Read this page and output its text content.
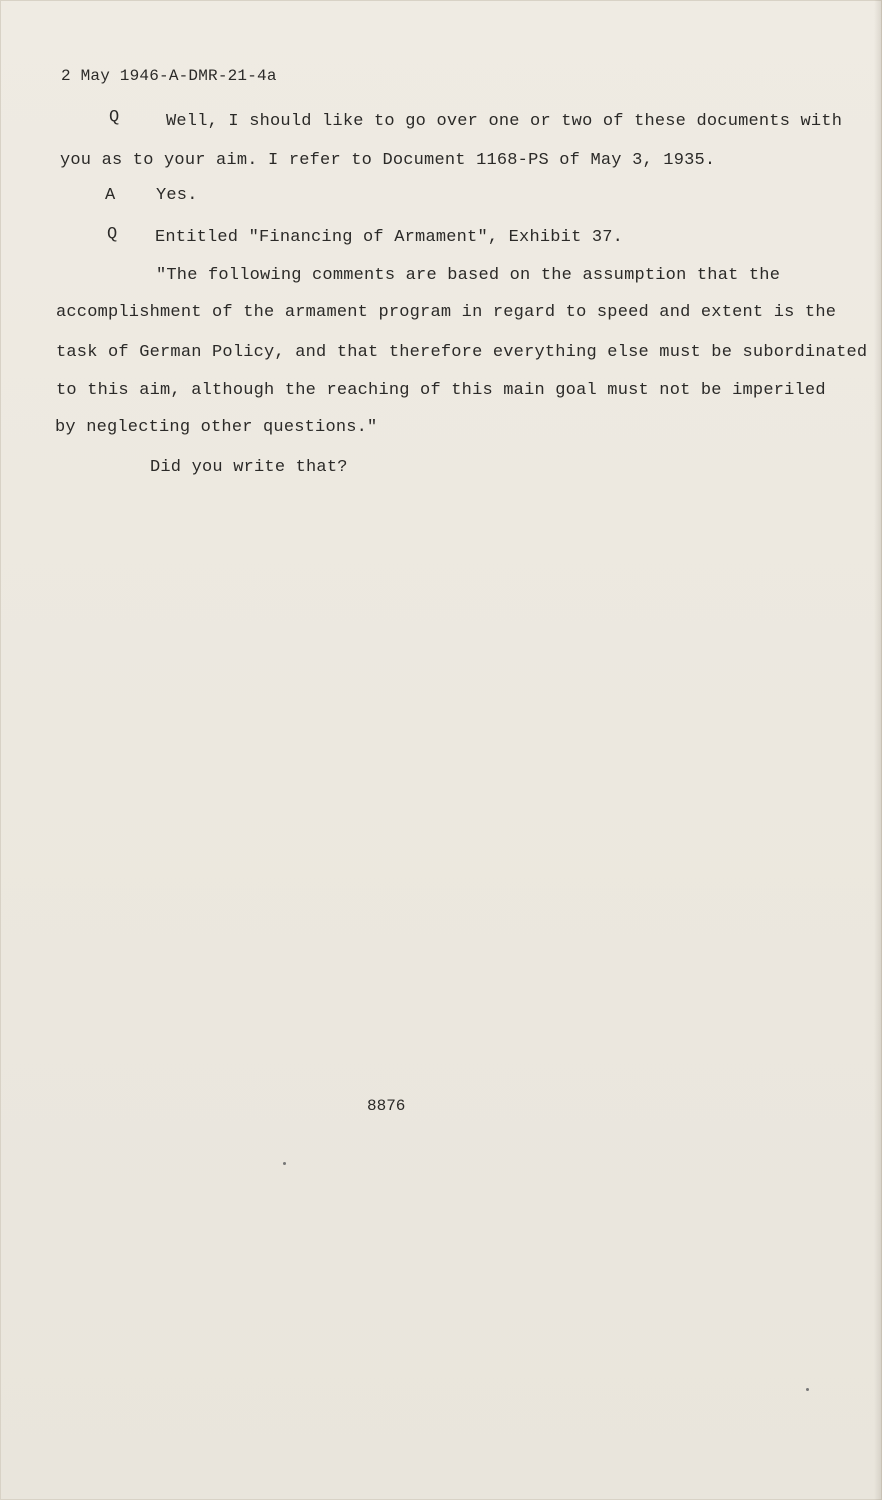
2 May 1946-A-DMR-21-4a
Q	Well, I should like to go over one or two of these documents with
you as to your aim. I refer to Document 1168-PS of May 3, 1935.
A Yes.
Q Entitled "Financing of Armament", Exhibit 37.
"The following comments are based on the assumption that the
accomplishment of the armament program in regard to speed and extent is the
task of German Policy, and that therefore everything else must be subordinated
to this aim, although the reaching of this main goal must not be imperiled
by neglecting other questions."
Did you write that?
8876
